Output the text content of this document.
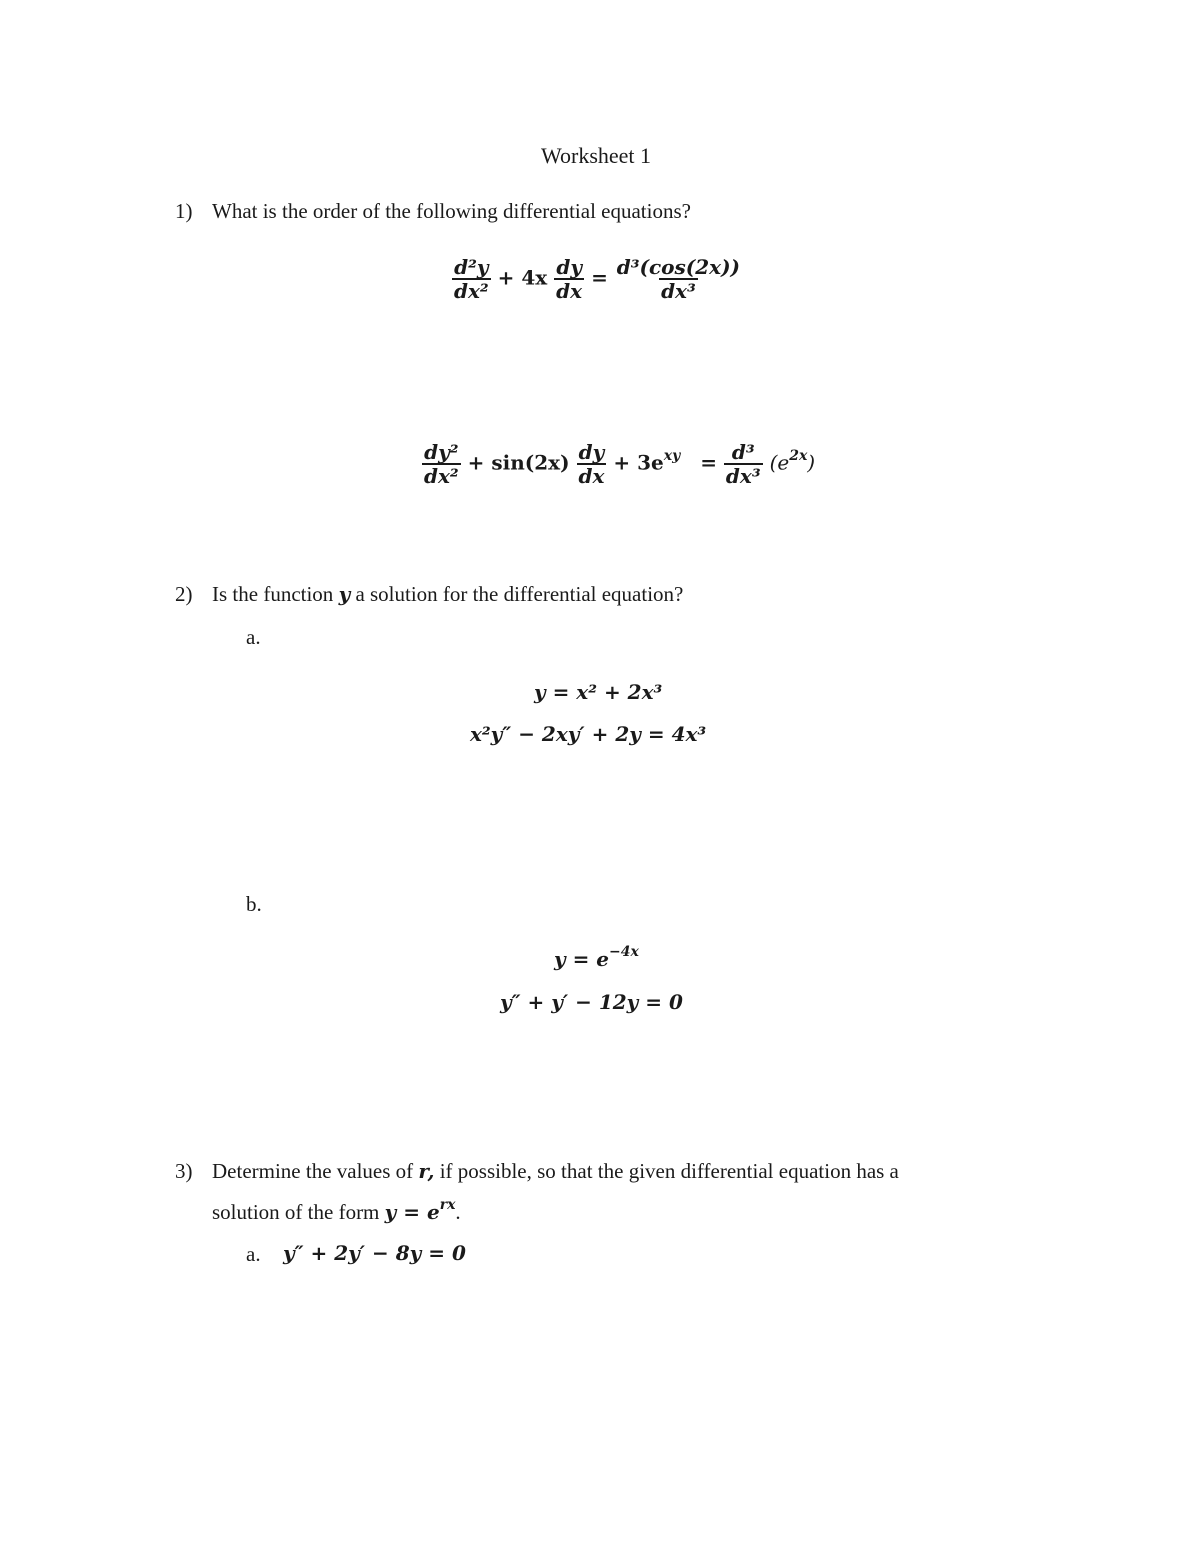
Worksheet 1
1) What is the order of the following differential equations?
$\frac{\text{d²y}}{\text{dx²}} + 4x \frac{dy}{dx} = \frac{\text{d³(cos(2x))}}{\text{dx³}}$
$\frac{\text{dy²}}{\text{dx²}} + \sin(2x) \frac{dy}{dx} + 3e^{xy} = \frac{\text{d³}}{\text{dx³}} (e^{2x})$
2) Is the function y a solution for the differential equation?
a.
y = x² + 2x³
x²y″ − 2xy′ + 2y = 4x³
b.
$y = e^{-4x}$
y″ + y′ − 12y = 0
3) Determine the values of r, if possible, so that the given differential equation has a
solution of the form $y = e^{rx}$.
a. y″ + 2y′ − 8y = 0
